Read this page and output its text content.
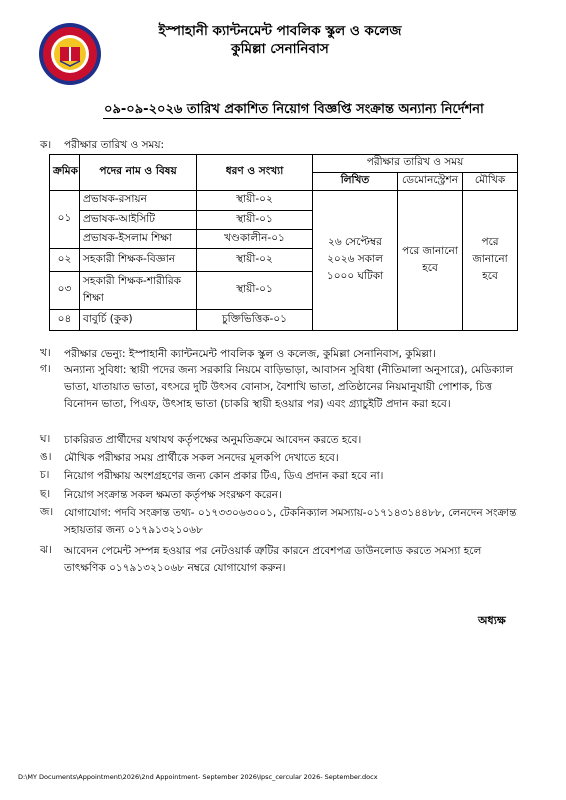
ইস্পাহানী ক্যান্টনমেন্ট পাবলিক স্কুল ও কলেজ
কুমিল্লা সেনানিবাস
০৯-০৯-২০২৬ তারিখ প্রকাশিত নিয়োগ বিজ্ঞপ্তি সংক্রান্ত অন্যান্য নির্দেশনা
ক। পরীক্ষার তারিখ ও সময়:
ক্রমিক	পদের নাম ও বিষয়	ধরণ ও সংখ্যা	পরীক্ষার তারিখ ও সময়		
			লিখিত	ডেমোনস্ট্রেশন	মৌখিক
০১	প্রভাষক-রসায়ন	স্থায়ী-০২	২৬ সেপ্টেম্বর ২০২৬ সকাল ১০০০ ঘটিকা	পরে জানানো হবে	পরে জানানো হবে
	প্রভাষক-আইসিটি	স্থায়ী-০১			
	প্রভাষক-ইসলাম শিক্ষা	খণ্ডকালীন-০১			
০২	সহকারী শিক্ষক-বিজ্ঞান	স্থায়ী-০২			
০৩	সহকারী শিক্ষক-শারীরিক শিক্ষা	স্থায়ী-০১			
০৪	বাবুর্চি (কুক)	চুক্তিভিত্তিক-০১			
খ। পরীক্ষার ভেন্যু: ইস্পাহানী ক্যান্টনমেন্ট পাবলিক স্কুল ও কলেজ, কুমিল্লা সেনানিবাস, কুমিল্লা।
গ। অন্যান্য সুবিধা: স্থায়ী পদের জন্য সরকারি নিয়মে বাড়িভাড়া, আবাসন সুবিধা (নীতিমালা অনুসারে), মেডিক্যাল ভাতা, যাতায়াত ভাতা, বৎসরে দুটি উৎসব বোনাস, বৈশাখি ভাতা, প্রতিষ্ঠানের নিয়মানুযায়ী পোশাক, চিত্ত বিনোদন ভাতা, পিএফ, উৎসাহ ভাতা (চাকরি স্থায়ী হওয়ার পর) এবং গ্র্যাচুইটি প্রদান করা হবে।
ঘ। চাকরিরত প্রার্থীদের যথাযথ কর্তৃপক্ষের অনুমতিক্রমে আবেদন করতে হবে।
ঙ। মৌখিক পরীক্ষার সময় প্রার্থীকে সকল সনদের মূলকপি দেখাতে হবে।
চ। নিয়োগ পরীক্ষায় অংশগ্রহণের জন্য কোন প্রকার টিএ, ডিএ প্রদান করা হবে না।
ছ। নিয়োগ সংক্রান্ত সকল ক্ষমতা কর্তৃপক্ষ সংরক্ষণ করেন।
জ। যোগাযোগ: পদবি সংক্রান্ত তথ্য- ০১৭৩৩০৬৩০০১, টেকনিক্যাল সমস্যায়-০১৭১৪৩১৪৪৮৮, লেনদেন সংক্রান্ত সহায়তার জন্য ০১৭৯১৩২১০৬৮
ঝ। আবেদন পেমেন্ট সম্পন্ন হওয়ার পর নেটওয়ার্ক ত্রুটির কারনে প্রবেশপত্র ডাউনলোড করতে সমস্যা হলে তাৎক্ষণিক ০১৭৯১৩২১০৬৮ নম্বরে যোগাযোগ করুন।
অধ্যক্ষ
D:\MY Documents\Appointment\2026\2nd Appointment- September 2026\Ipsc_cercular 2026- September.docx
